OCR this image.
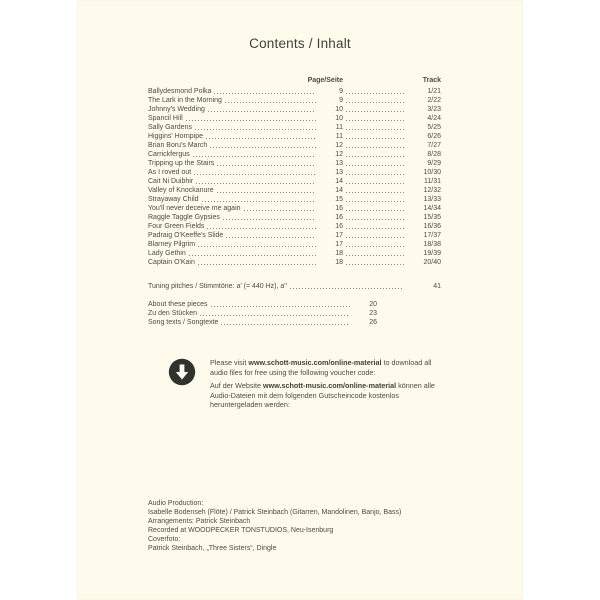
Contents / Inhalt
Page/Seite	Track
Ballydesmond Polka	9	1/21
The Lark in the Morning	9	2/22
Johnny's Wedding	10	3/23
Spancil Hill	10	4/24
Sally Gardens	11	5/25
Higgins' Hornpipe	11	6/26
Brian Boru's March	12	7/27
Carrickfergus	12	8/28
Tripping up the Stairs	13	9/29
As I roved out	13	10/30
Cait Ni Duibhir	14	11/31
Valley of Knockanure	14	12/32
Strayaway Child	15	13/33
You'll never deceive me again	16	14/34
Raggle Taggle Gypsies	16	15/35
Four Green Fields	16	16/36
Padraig O'Keeffe's Slide	17	17/37
Blarney Pilgrim	17	18/38
Lady Gethin	18	19/39
Captain O'Kain	18	20/40
Tuning pitches / Stimmtöne: a' (= 440 Hz), a''	41
About these pieces	20
Zu den Stücken	23
Song texts / Songtexte	26

Please visit www.schott-music.com/online-material to download all audio files for free using the following voucher code:

Auf der Website www.schott-music.com/online-material können alle Audio-Dateien mit dem folgenden Gutscheincode kostenlos heruntergeladen werden:

Audio Production:
Isabelle Bodenseh (Flöte) / Patrick Steinbach (Gitarren, Mandolinen, Banjo, Bass)
Arrangements: Patrick Steinbach
Recorded at WOODPECKER TONSTUDIOS, Neu-Isenburg
Coverfoto:
Patrick Steinbach, „Three Sisters“, Dingle
